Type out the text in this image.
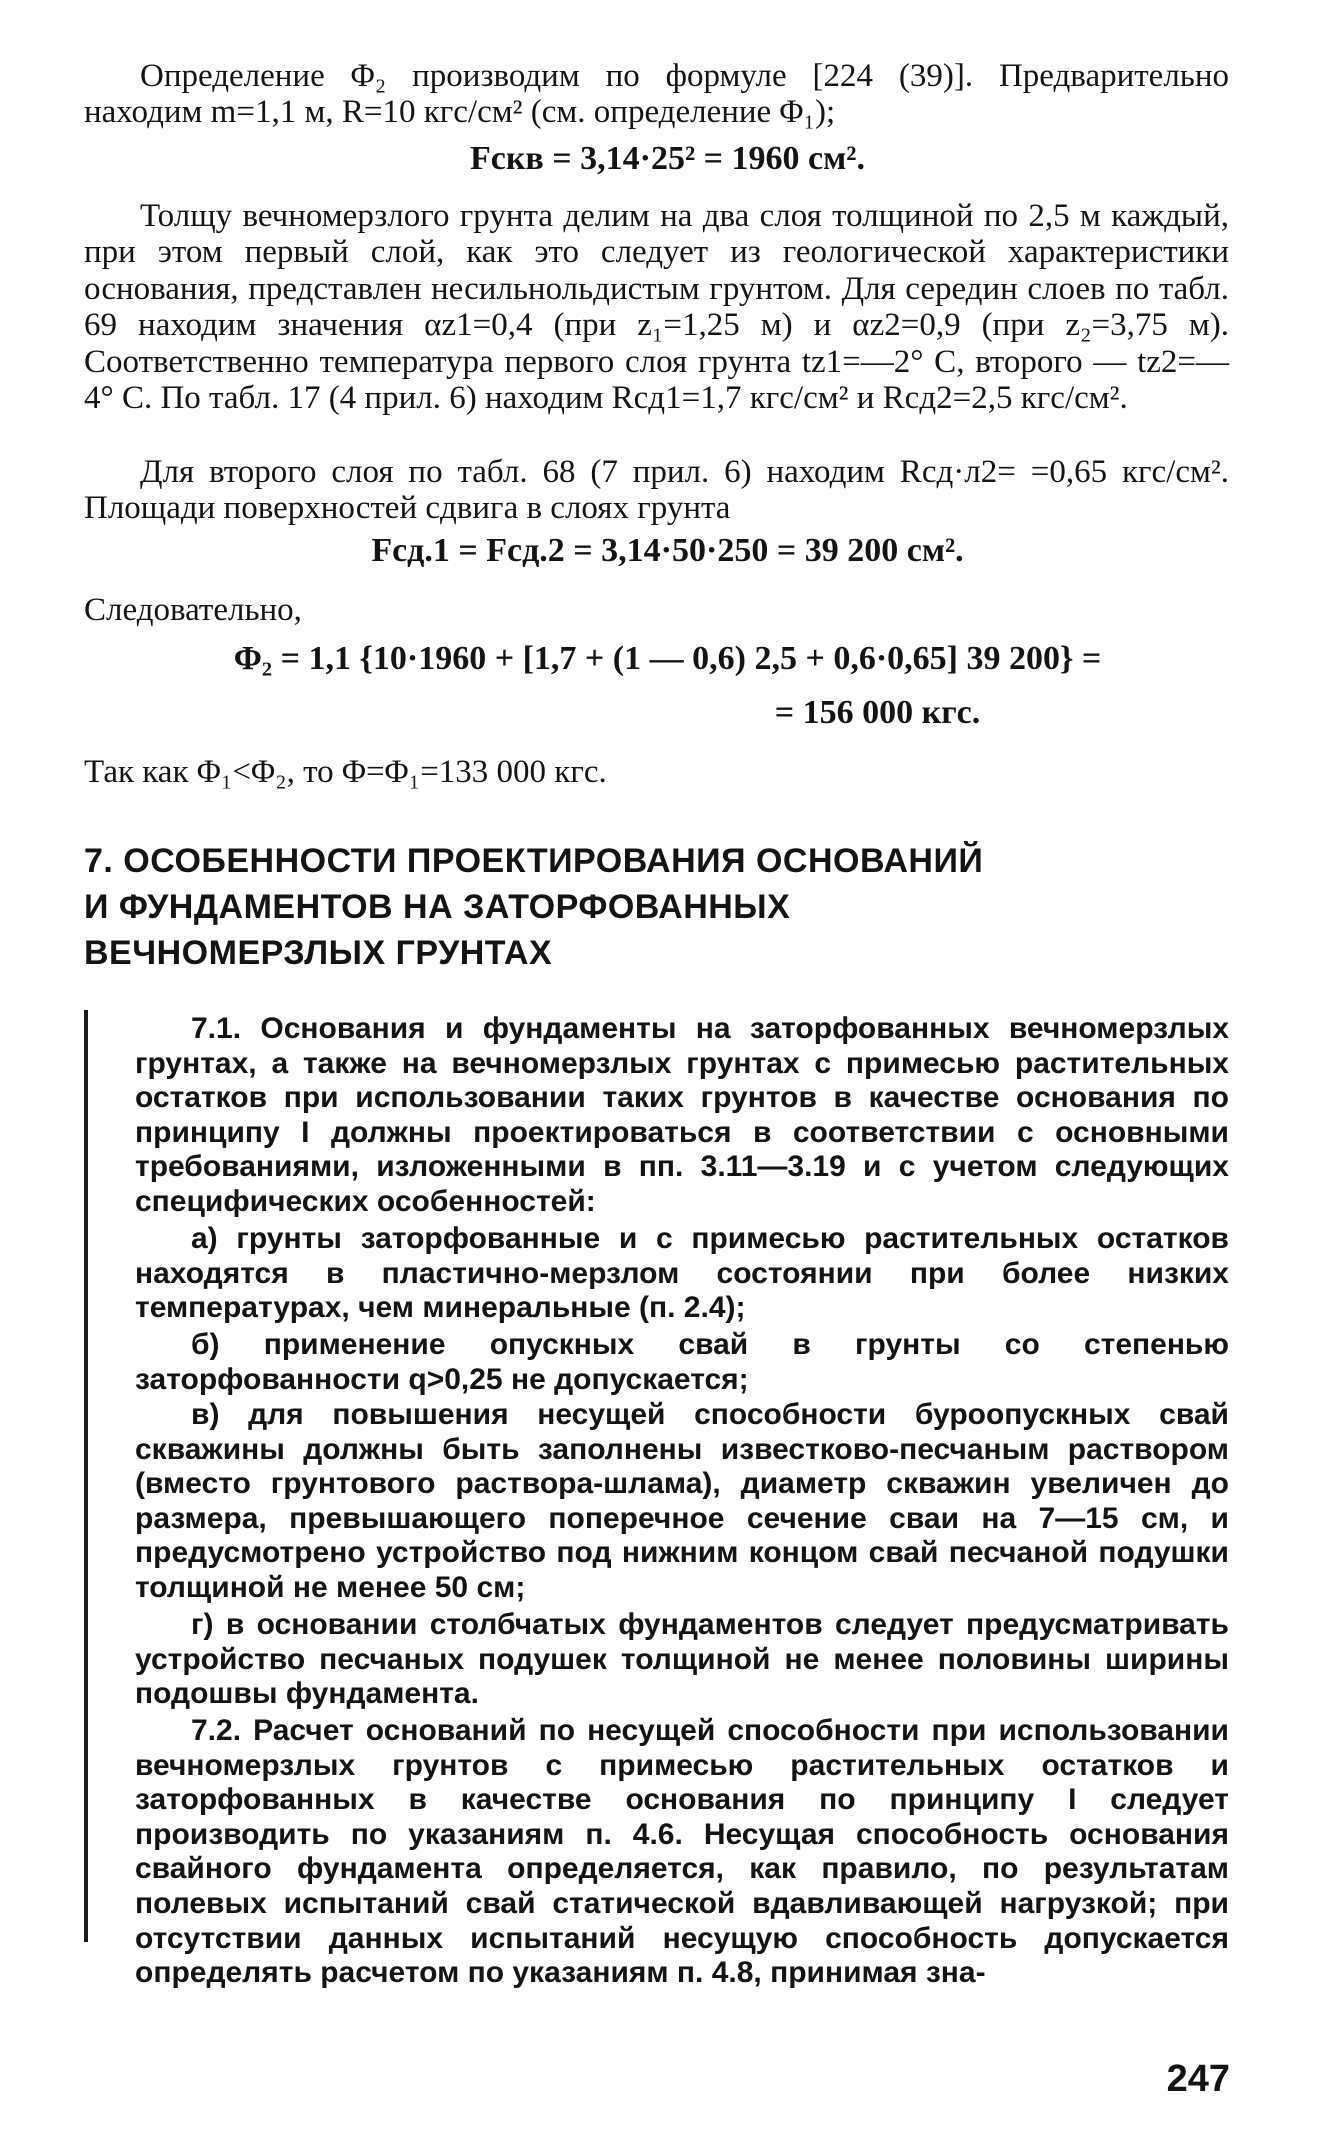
Определение Φ₂ производим по формуле [224 (39)]. Предварительно находим m=1,1 м, R=10 кгс/см² (см. определение Φ₁);

Fскв = 3,14·25² = 1960 см².

Толщу вечномерзлого грунта делим на два слоя толщиной по 2,5 м каждый, при этом первый слой, как это следует из геологической характеристики основания, представлен несильнольдистым грунтом. Для середин слоев по табл. 69 находим значения αz1=0,4 (при z₁=1,25 м) и αz2=0,9 (при z₂=3,75 м). Соответственно температура первого слоя грунта tz1=—2° С, второго — tz2=—4° С. По табл. 17 (4 прил. 6) находим Rсд1=1,7 кгс/см² и Rсд2=2,5 кгс/см².

Для второго слоя по табл. 68 (7 прил. 6) находим Rсд·л2= =0,65 кгс/см². Площади поверхностей сдвига в слоях грунта

Fсд.1 = Fсд.2 = 3,14·50·250 = 39 200 см².

Следовательно,

Φ₂ = 1,1 {10·1960 + [1,7 + (1 — 0,6) 2,5 + 0,6·0,65] 39 200} =

= 156 000 кгс.

Так как Φ₁<Φ₂, то Φ=Φ₁=133 000 кгс.

7. ОСОБЕННОСТИ ПРОЕКТИРОВАНИЯ ОСНОВАНИЙ
И ФУНДАМЕНТОВ НА ЗАТОРФОВАННЫХ
ВЕЧНОМЕРЗЛЫХ ГРУНТАХ

7.1. Основания и фундаменты на заторфованных вечномерзлых грунтах, а также на вечномерзлых грунтах с примесью растительных остатков при использовании таких грунтов в качестве основания по принципу I должны проектироваться в соответствии с основными требованиями, изложенными в пп. 3.11—3.19 и с учетом следующих специфических особенностей:

а) грунты заторфованные и с примесью растительных остатков находятся в пластично-мерзлом состоянии при более низких температурах, чем минеральные (п. 2.4);

б) применение опускных свай в грунты со степенью заторфованности q>0,25 не допускается;

в) для повышения несущей способности буроопускных свай скважины должны быть заполнены известково-песчаным раствором (вместо грунтового раствора-шлама), диаметр скважин увеличен до размера, превышающего поперечное сечение сваи на 7—15 см, и предусмотрено устройство под нижним концом свай песчаной подушки толщиной не менее 50 см;

г) в основании столбчатых фундаментов следует предусматривать устройство песчаных подушек толщиной не менее половины ширины подошвы фундамента.

7.2. Расчет оснований по несущей способности при использовании вечномерзлых грунтов с примесью растительных остатков и заторфованных в качестве основания по принципу I следует производить по указаниям п. 4.6. Несущая способность основания свайного фундамента определяется, как правило, по результатам полевых испытаний свай статической вдавливающей нагрузкой; при отсутствии данных испытаний несущую способность допускается определять расчетом по указаниям п. 4.8, принимая зна-

247
